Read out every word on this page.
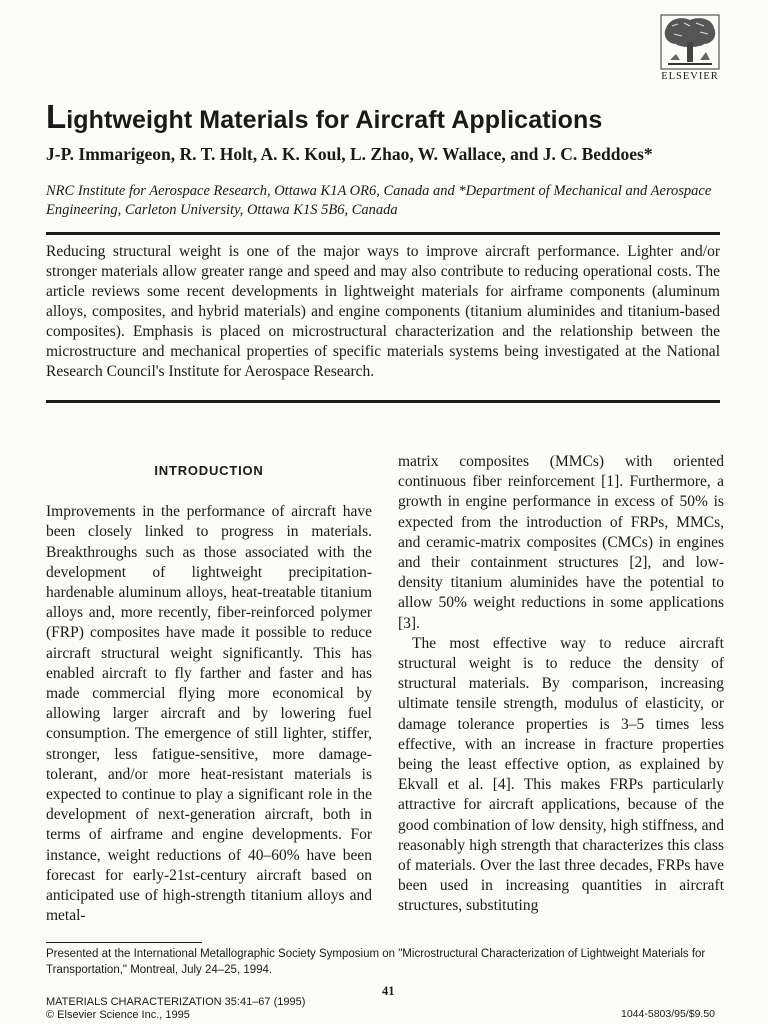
ELSEVIER
Lightweight Materials for Aircraft Applications
J-P. Immarigeon, R. T. Holt, A. K. Koul, L. Zhao, W. Wallace, and J. C. Beddoes*
NRC Institute for Aerospace Research, Ottawa K1A OR6, Canada and *Department of Mechanical and Aerospace Engineering, Carleton University, Ottawa K1S 5B6, Canada

Reducing structural weight is one of the major ways to improve aircraft performance. Lighter and/or stronger materials allow greater range and speed and may also contribute to reducing operational costs. The article reviews some recent developments in lightweight materials for airframe components (aluminum alloys, composites, and hybrid materials) and engine components (titanium aluminides and titanium-based composites). Emphasis is placed on microstructural characterization and the relationship between the microstructure and mechanical properties of specific materials systems being investigated at the National Research Council's Institute for Aerospace Research.

INTRODUCTION

Improvements in the performance of aircraft have been closely linked to progress in materials. Breakthroughs such as those associated with the development of lightweight precipitation-hardenable aluminum alloys, heat-treatable titanium alloys and, more recently, fiber-reinforced polymer (FRP) composites have made it possible to reduce aircraft structural weight significantly. This has enabled aircraft to fly farther and faster and has made commercial flying more economical by allowing larger aircraft and by lowering fuel consumption. The emergence of still lighter, stiffer, stronger, less fatigue-sensitive, more damage-tolerant, and/or more heat-resistant materials is expected to continue to play a significant role in the development of next-generation aircraft, both in terms of airframe and engine developments. For instance, weight reductions of 40–60% have been forecast for early-21st-century aircraft based on anticipated use of high-strength titanium alloys and metal-

matrix composites (MMCs) with oriented continuous fiber reinforcement [1]. Furthermore, a growth in engine performance in excess of 50% is expected from the introduction of FRPs, MMCs, and ceramic-matrix composites (CMCs) in engines and their containment structures [2], and low-density titanium aluminides have the potential to allow 50% weight reductions in some applications [3].

The most effective way to reduce aircraft structural weight is to reduce the density of structural materials. By comparison, increasing ultimate tensile strength, modulus of elasticity, or damage tolerance properties is 3–5 times less effective, with an increase in fracture properties being the least effective option, as explained by Ekvall et al. [4]. This makes FRPs particularly attractive for aircraft applications, because of the good combination of low density, high stiffness, and reasonably high strength that characterizes this class of materials. Over the last three decades, FRPs have been used in increasing quantities in aircraft structures, substituting

Presented at the International Metallographic Society Symposium on "Microstructural Characterization of Lightweight Materials for Transportation," Montreal, July 24–25, 1994.
41
MATERIALS CHARACTERIZATION 35:41–67 (1995)
© Elsevier Science Inc., 1995	1044-5803/95/$9.50
